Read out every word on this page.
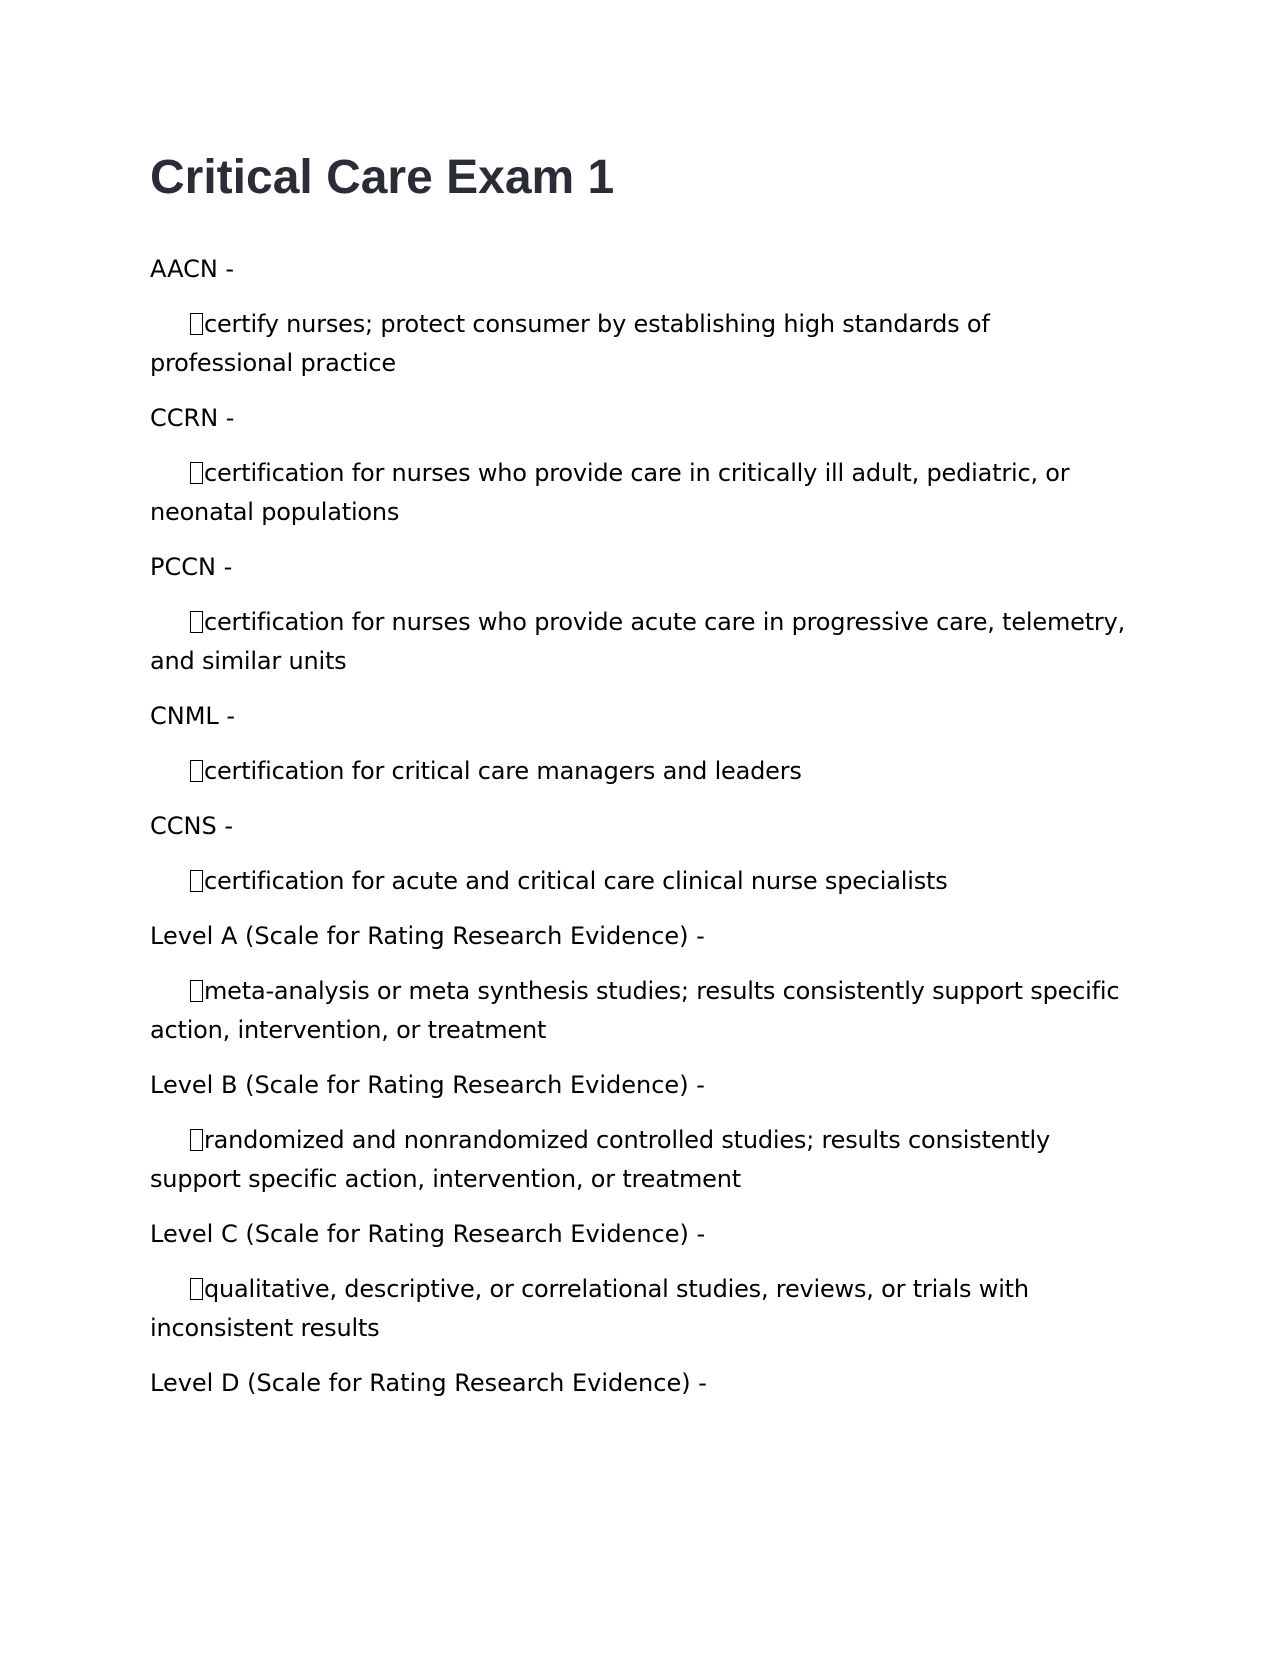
Critical Care Exam 1

AACN -

certify nurses; protect consumer by establishing high standards of professional practice

CCRN -

certification for nurses who provide care in critically ill adult, pediatric, or neonatal populations

PCCN -

certification for nurses who provide acute care in progressive care, telemetry, and similar units

CNML -

certification for critical care managers and leaders

CCNS -

certification for acute and critical care clinical nurse specialists

Level A (Scale for Rating Research Evidence) -

meta-analysis or meta synthesis studies; results consistently support specific action, intervention, or treatment

Level B (Scale for Rating Research Evidence) -

randomized and nonrandomized controlled studies; results consistently support specific action, intervention, or treatment

Level C (Scale for Rating Research Evidence) -

qualitative, descriptive, or correlational studies, reviews, or trials with inconsistent results

Level D (Scale for Rating Research Evidence) -
